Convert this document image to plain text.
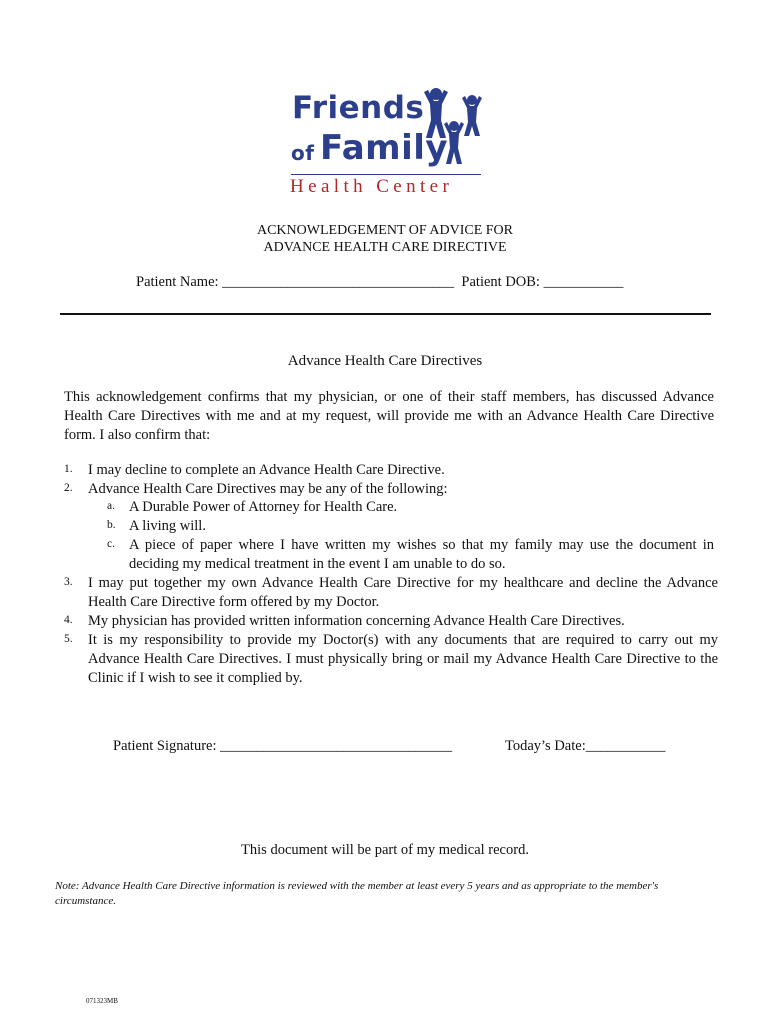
Friends
of Family
Health Center
ACKNOWLEDGEMENT OF ADVICE FOR
ADVANCE HEALTH CARE DIRECTIVE
Patient Name: ________________________________ Patient DOB: ___________
Advance Health Care Directives
This acknowledgement confirms that my physician, or one of their staff members, has discussed Advance Health Care Directives with me and at my request, will provide me with an Advance Health Care Directive form. I also confirm that:
1. I may decline to complete an Advance Health Care Directive.
2. Advance Health Care Directives may be any of the following:
a. A Durable Power of Attorney for Health Care.
b. A living will.
c. A piece of paper where I have written my wishes so that my family may use the document in deciding my medical treatment in the event I am unable to do so.
3. I may put together my own Advance Health Care Directive for my healthcare and decline the Advance Health Care Directive form offered by my Doctor.
4. My physician has provided written information concerning Advance Health Care Directives.
5. It is my responsibility to provide my Doctor(s) with any documents that are required to carry out my Advance Health Care Directives. I must physically bring or mail my Advance Health Care Directive to the Clinic if I wish to see it complied by.
Patient Signature: ________________________________	Today’s Date:___________
This document will be part of my medical record.
Note: Advance Health Care Directive information is reviewed with the member at least every 5 years and as appropriate to the member's circumstance.
071323MB
